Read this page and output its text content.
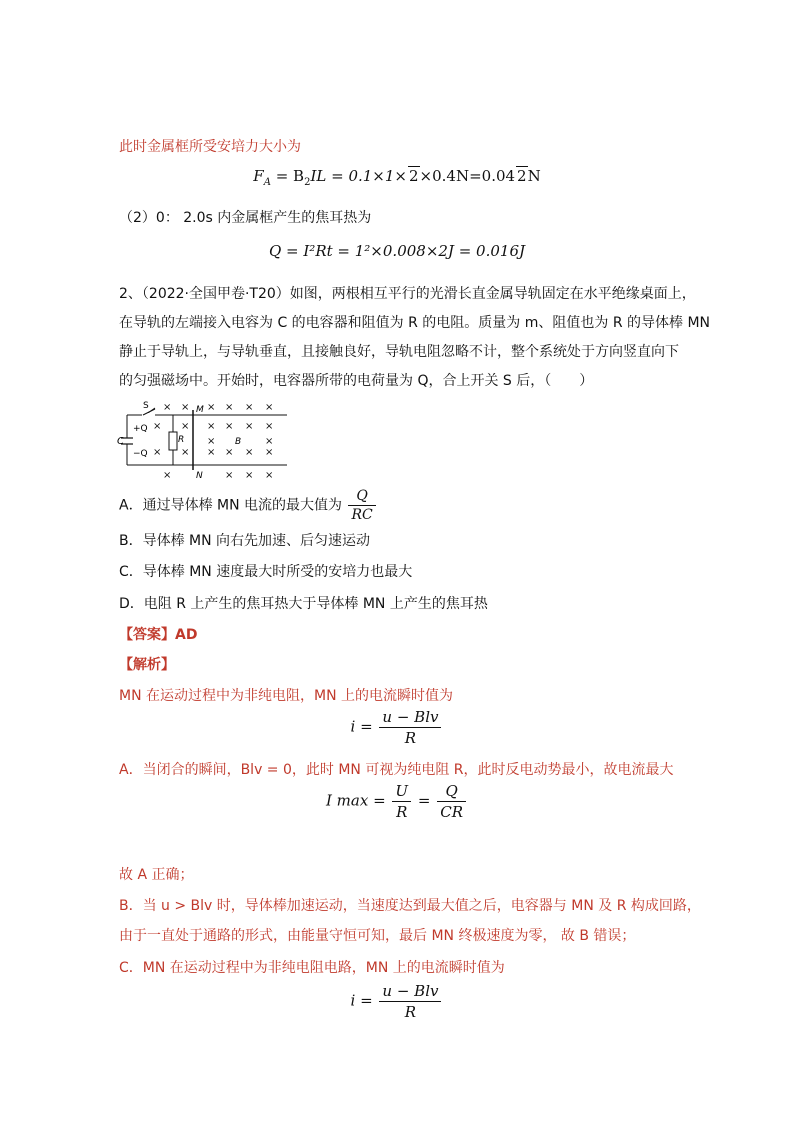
此时金属框所受安培力大小为
$F_A = B_2IL = 0.1\times 1\times 2\times 0.4N=0.04$ 2N
（2）0： 2.0s 内金属框产生的焦耳热为
Q = I²Rt = 1²×0.008×2J = 0.016J
2、（2022·全国甲卷·T20）如图，两根相互平行的光滑长直金属导轨固定在水平绝缘桌面上，
在导轨的左端接入电容为 C 的电容器和阻值为 R 的电阻。质量为 m、阻值也为 R 的导体棒 MN
静止于导轨上，与导轨垂直，且接触良好，导轨电阻忽略不计，整个系统处于方向竖直向下
的匀强磁场中。开始时，电容器所带的电荷量为 Q，合上开关 S 后，（　　）
S	M
N
C
+Q
−Q
R	B
× ×	× × ×
×
× × × × × ×
×	×
× × × × × ×
×	× × ×
A．通过导体棒 MN 电流的最大值为 $\frac{Q}{RC}$
B．导体棒 MN 向右先加速、后匀速运动
C．导体棒 MN 速度最大时所受的安培力也最大
D．电阻 R 上产生的焦耳热大于导体棒 MN 上产生的焦耳热
【答案】AD
【解析】
MN 在运动过程中为非纯电阻，MN 上的电流瞬时值为
$i = \frac{\text{u − Blv}}{R}$
A．当闭合的瞬间，Blv = 0，此时 MN 可视为纯电阻 R，此时反电动势最小，故电流最大
I $\max = \frac{U}{R} = \frac{Q}{CR}$
故 A 正确；
B．当 u > Blv 时，导体棒加速运动，当速度达到最大值之后，电容器与 MN 及 R 构成回路，
由于一直处于通路的形式，由能量守恒可知，最后 MN 终极速度为零， 故 B 错误；
C．MN 在运动过程中为非纯电阻电路，MN 上的电流瞬时值为
$i = \frac{\text{u − Blv}}{R}$
